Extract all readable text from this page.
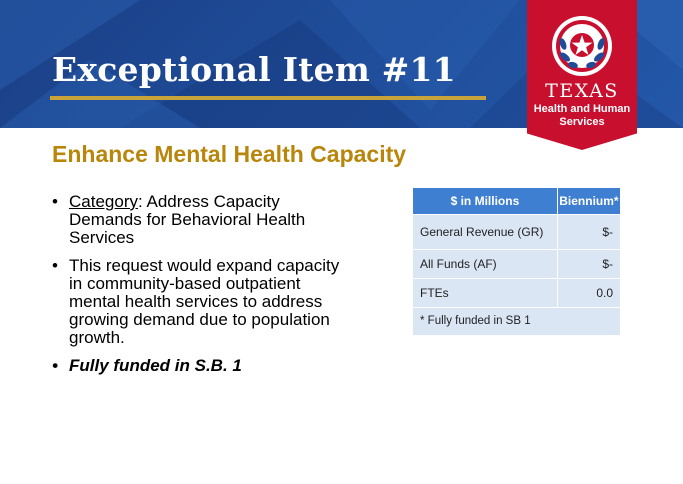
Exceptional Item #11
TEXAS
Health and Human Services
Enhance Mental Health Capacity
• Category: Address Capacity Demands for Behavioral Health Services
• This request would expand capacity in community-based outpatient mental health services to address growing demand due to population growth.
• Fully funded in S.B. 1
$ in Millions	Biennium*
General Revenue (GR)	$-
All Funds (AF)	$-
FTEs	0.0
* Fully funded in SB 1	
